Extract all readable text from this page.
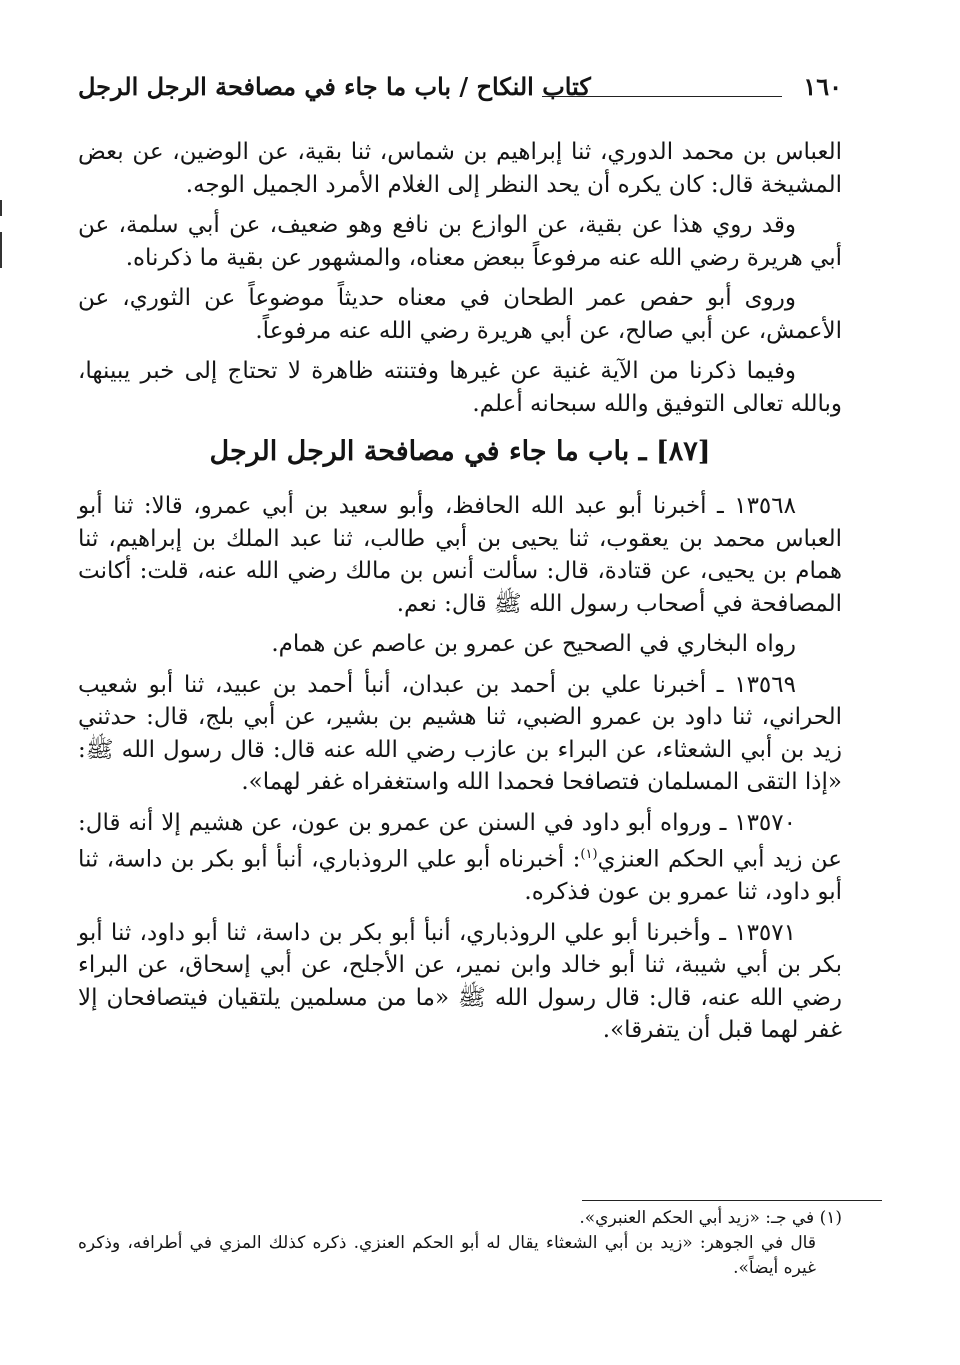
١٦٠
كتاب النكاح / باب ما جاء في مصافحة الرجل الرجل

العباس بن محمد الدوري، ثنا إبراهيم بن شماس، ثنا بقية، عن الوضين، عن بعض المشيخة قال: كان يكره أن يحد النظر إلى الغلام الأمرد الجميل الوجه.

وقد روي هذا عن بقية، عن الوازع بن نافع وهو ضعيف، عن أبي سلمة، عن أبي هريرة رضي الله عنه مرفوعاً ببعض معناه، والمشهور عن بقية ما ذكرناه.

وروى أبو حفص عمر الطحان في معناه حديثاً موضوعاً عن الثوري، عن الأعمش، عن أبي صالح، عن أبي هريرة رضي الله عنه مرفوعاً.

وفيما ذكرنا من الآية غنية عن غيرها وفتنته ظاهرة لا تحتاج إلى خبر يبينها، وبالله تعالى التوفيق والله سبحانه أعلم.

[٨٧] ـ باب ما جاء في مصافحة الرجل الرجل

١٣٥٦٨ ـ أخبرنا أبو عبد الله الحافظ، وأبو سعيد بن أبي عمرو، قالا: ثنا أبو العباس محمد بن يعقوب، ثنا يحيى بن أبي طالب، ثنا عبد الملك بن إبراهيم، ثنا همام بن يحيى، عن قتادة، قال: سألت أنس بن مالك رضي الله عنه، قلت: أكانت المصافحة في أصحاب رسول الله ﷺ قال: نعم.

رواه البخاري في الصحيح عن عمرو بن عاصم عن همام.

١٣٥٦٩ ـ أخبرنا علي بن أحمد بن عبدان، أنبأ أحمد بن عبيد، ثنا أبو شعيب الحراني، ثنا داود بن عمرو الضبي، ثنا هشيم بن بشير، عن أبي بلج، قال: حدثني زيد بن أبي الشعثاء، عن البراء بن عازب رضي الله عنه قال: قال رسول الله ﷺ: «إذا التقى المسلمان فتصافحا فحمدا الله واستغفراه غفر لهما».

١٣٥٧٠ ـ ورواه أبو داود في السنن عن عمرو بن عون، عن هشيم إلا أنه قال: عن زيد أبي الحكم العنزي$^{(١)}$: أخبرناه أبو علي الروذباري، أنبأ أبو بكر بن داسة، ثنا أبو داود، ثنا عمرو بن عون فذكره.

١٣٥٧١ ـ وأخبرنا أبو علي الروذباري، أنبأ أبو بكر بن داسة، ثنا أبو داود، ثنا أبو بكر بن أبي شيبة، ثنا أبو خالد وابن نمير، عن الأجلح، عن أبي إسحاق، عن البراء رضي الله عنه، قال: قال رسول الله ﷺ «ما من مسلمين يلتقيان فيتصافحان إلا غفر لهما قبل أن يتفرقا».

(١) في جـ: «زيد أبي الحكم العنبري».

قال في الجوهر: «زيد بن أبي الشعثاء يقال له أبو الحكم العنزي. ذكره كذلك المزي في أطرافه، وذكره غيره أيضاً».
